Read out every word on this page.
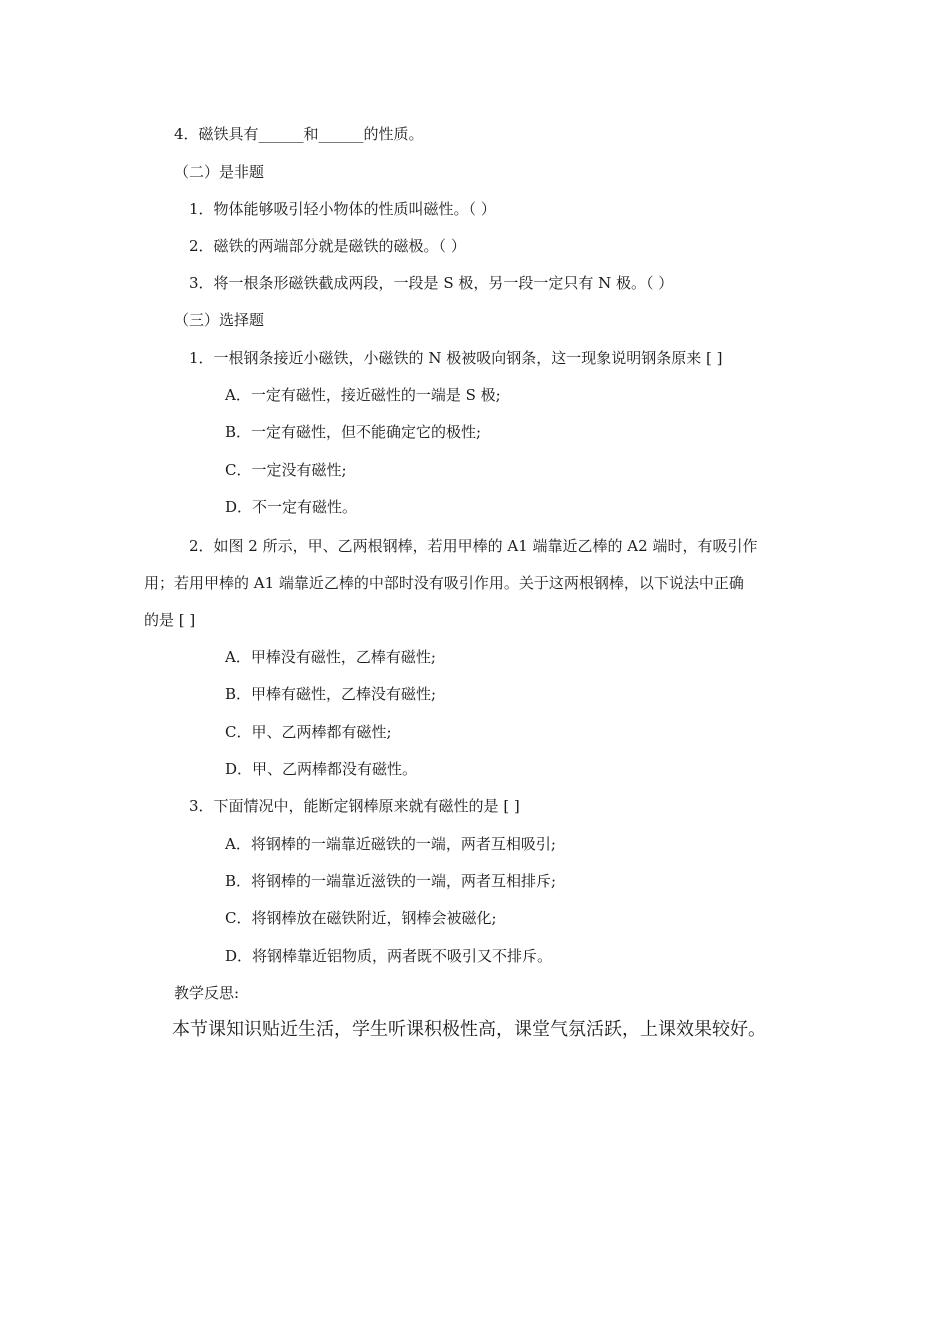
4．磁铁具有______和______的性质。
（二）是非题
1．物体能够吸引轻小物体的性质叫磁性。（ ）
2．磁铁的两端部分就是磁铁的磁极。（ ）
3．将一根条形磁铁截成两段，一段是 S 极，另一段一定只有 N 极。（ ）
（三）选择题
1．一根钢条接近小磁铁，小磁铁的 N 极被吸向钢条，这一现象说明钢条原来 [ ]
A．一定有磁性，接近磁性的一端是 S 极;
B．一定有磁性，但不能确定它的极性;
C．一定没有磁性;
D．不一定有磁性。
2．如图 2 所示，甲、乙两根钢棒，若用甲棒的 A1 端靠近乙棒的 A2 端时，有吸引作
用；若用甲棒的 A1 端靠近乙棒的中部时没有吸引作用。关于这两根钢棒，以下说法中正确
的是 [ ]
A．甲棒没有磁性，乙棒有磁性;
B．甲棒有磁性，乙棒没有磁性;
C．甲、乙两棒都有磁性;
D．甲、乙两棒都没有磁性。
3．下面情况中，能断定钢棒原来就有磁性的是 [ ]
A．将钢棒的一端靠近磁铁的一端，两者互相吸引;
B．将钢棒的一端靠近滋铁的一端，两者互相排斥;
C．将钢棒放在磁铁附近，钢棒会被磁化;
D．将钢棒靠近铝物质，两者既不吸引又不排斥。
教学反思:
本节课知识贴近生活，学生听课积极性高，课堂气氛活跃，上课效果较好。
